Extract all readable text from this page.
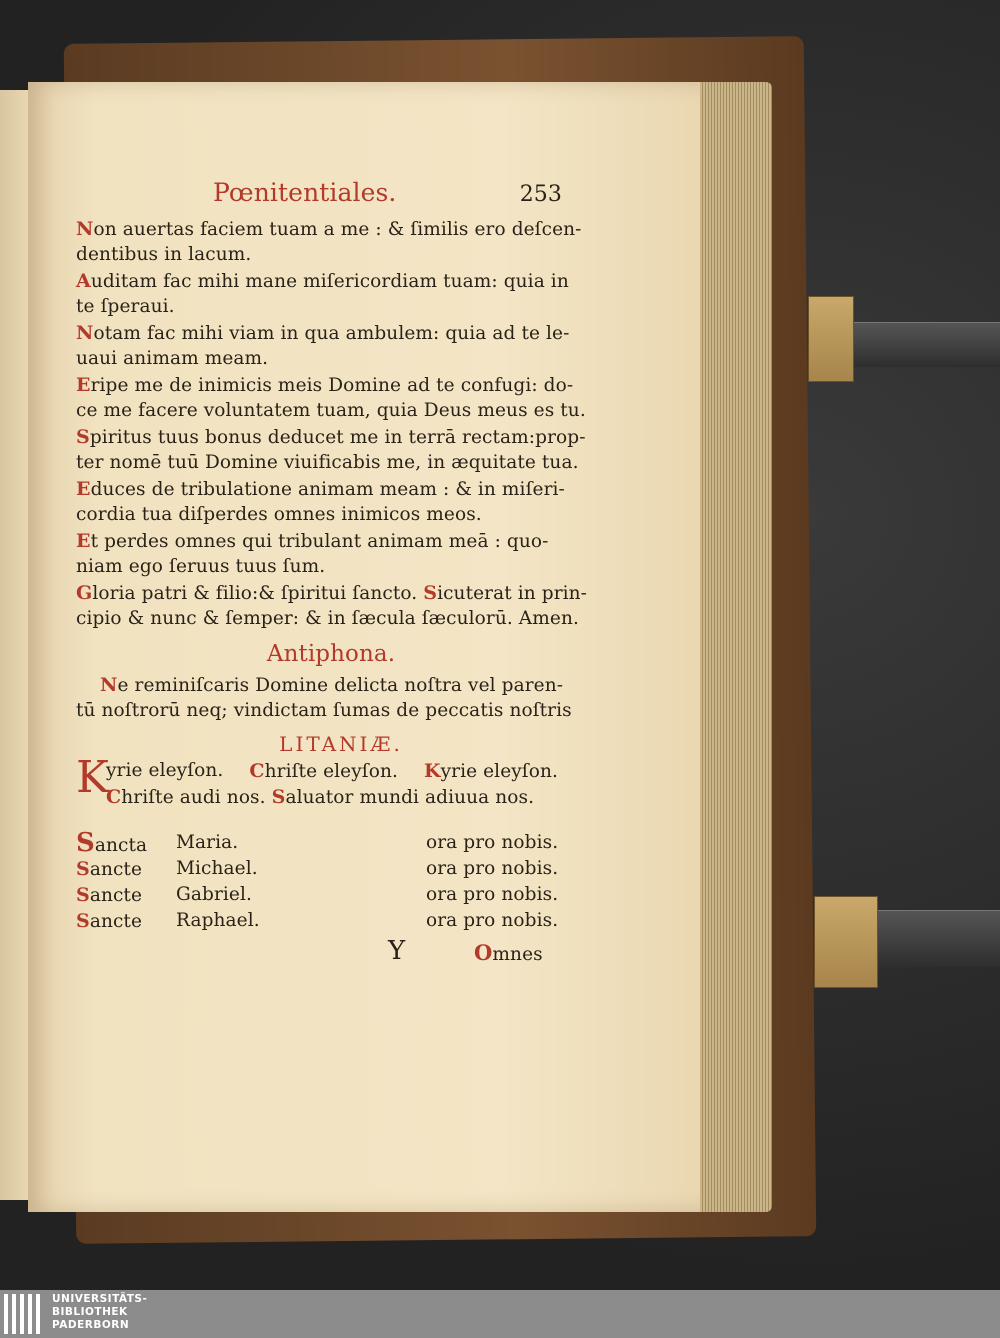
Pœnitentiales.	253
Non auertas faciem tuam a me : & ſimilis ero deſcen-
dentibus in lacum.
Auditam fac mihi mane miſericordiam tuam: quia in
te ſperaui.
Notam fac mihi viam in qua ambulem: quia ad te le-
uaui animam meam.
Eripe me de inimicis meis Domine ad te confugi: do-
ce me facere voluntatem tuam, quia Deus meus es tu.
Spiritus tuus bonus deducet me in terrā rectam:prop-
ter nomē tuū Domine viuificabis me, in æquitate tua.
Educes de tribulatione animam meam : & in miſeri-
cordia tua diſperdes omnes inimicos meos.
Et perdes omnes qui tribulant animam meā : quo-
niam ego ſeruus tuus ſum.
Gloria patri & filio:& ſpiritui ſancto. Sicuterat in prin-
cipio & nunc & ſemper: & in ſæcula ſæculorū. Amen.
Antiphona.
Ne reminiſcaris Domine delicta noſtra vel paren-
tū noſtrorū neq; vindictam ſumas de peccatis noſtris
LITANIÆ.
K
yrie eleyſon. Chriſte eleyſon. Kyrie eleyſon.
Chriſte audi nos. Saluator mundi adiuua nos.
Sancta Maria.	ora pro nobis.
Sancte Michael.	ora pro nobis.
Sancte Gabriel.	ora pro nobis.
Sancte Raphael.	ora pro nobis.
Y	Omnes
UNIVERSITÄTS-
BIBLIOTHEK
PADERBORN
